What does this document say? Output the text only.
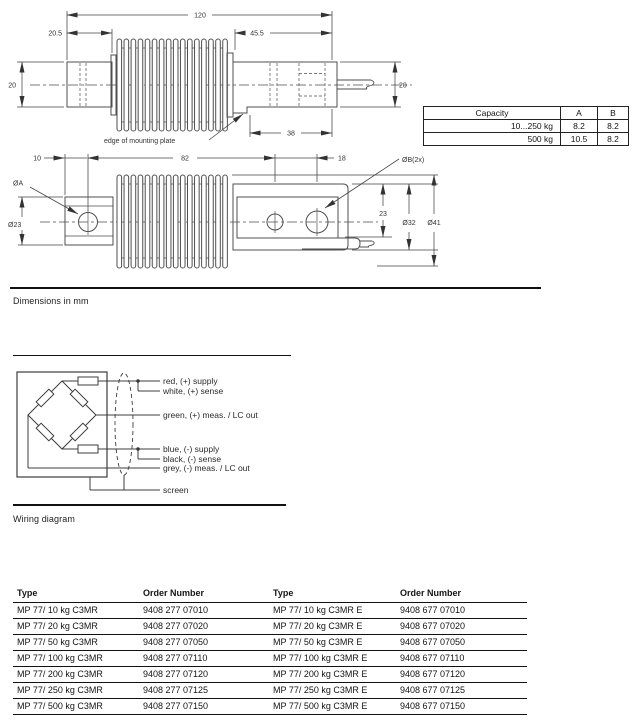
120
20.5	45.5
20	20
38
edge of mounting plate
Capacity	A	B
10...250 kg	8.2	8.2
500 kg	10.5	8.2
10	82	18	ØB(2x)
ØA
Ø23
23
Ø32 Ø41
Dimensions in mm
red, (+) supply
white, (+) sense
green, (+) meas. / LC out
blue, (-) supply
black, (-) sense
grey, (-) meas. / LC out
screen
Wiring diagram
Type	Order Number	Type	Order Number
MP 77/ 10 kg C3MR	9408 277 07010	MP 77/ 10 kg C3MR E	9408 677 07010
MP 77/ 20 kg C3MR	9408 277 07020	MP 77/ 20 kg C3MR E	9408 677 07020
MP 77/ 50 kg C3MR	9408 277 07050	MP 77/ 50 kg C3MR E	9408 677 07050
MP 77/ 100 kg C3MR	9408 277 07110	MP 77/ 100 kg C3MR E	9408 677 07110
MP 77/ 200 kg C3MR	9408 277 07120	MP 77/ 200 kg C3MR E	9408 677 07120
MP 77/ 250 kg C3MR	9408 277 07125	MP 77/ 250 kg C3MR E	9408 677 07125
MP 77/ 500 kg C3MR	9408 277 07150	MP 77/ 500 kg C3MR E	9408 677 07150
